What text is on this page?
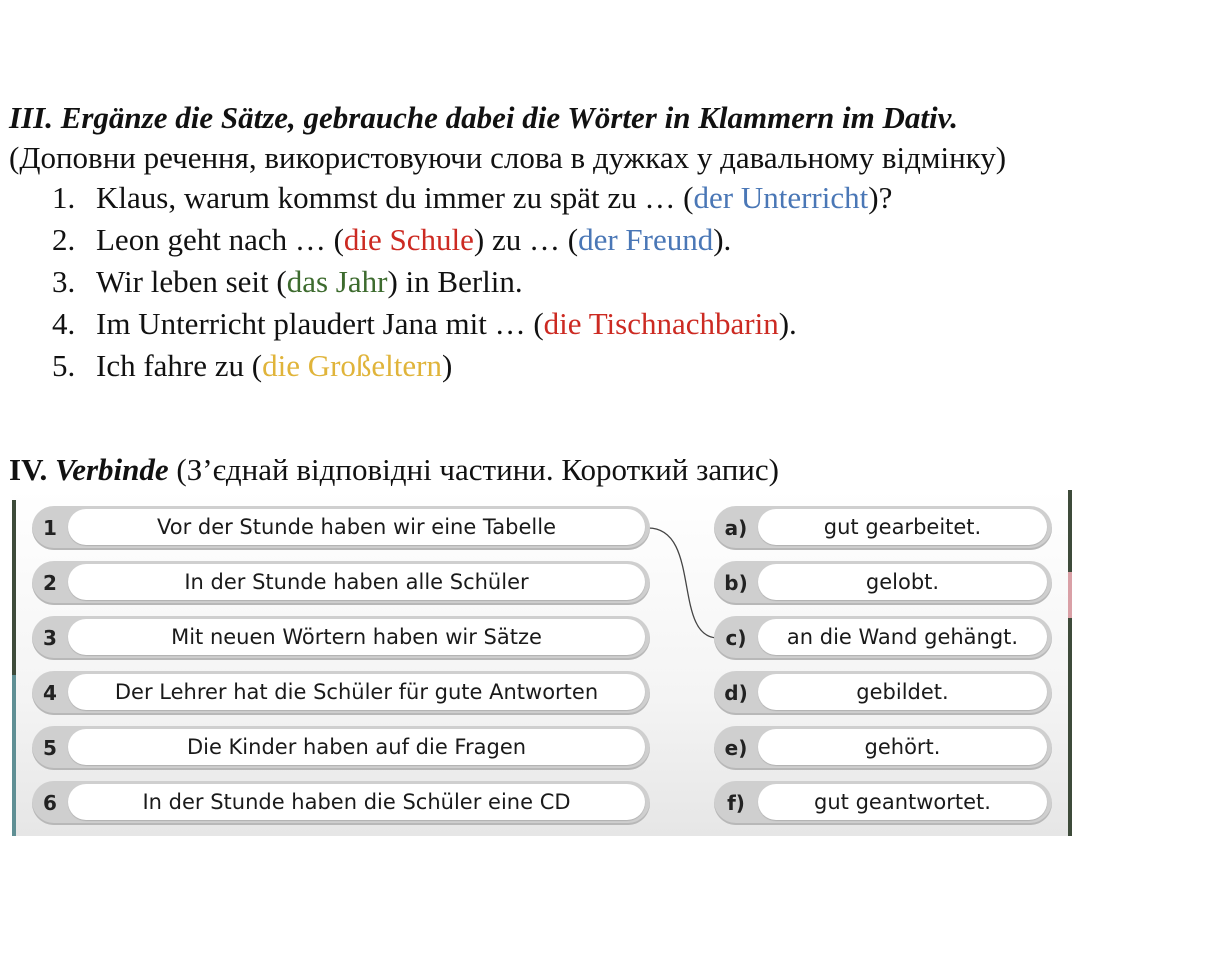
III. Ergänze die Sätze, gebrauche dabei die Wörter in Klammern im Dativ.
(Доповни речення, використовуючи слова в дужках у давальному відмінку)
1. Klaus, warum kommst du immer zu spät zu … (der Unterricht)?
2. Leon geht nach … (die Schule) zu … (der Freund).
3. Wir leben seit (das Jahr) in Berlin.
4. Im Unterricht plaudert Jana mit … (die Tischnachbarin).
5. Ich fahre zu (die Großeltern)
IV. Verbinde (З’єднай відповідні частини. Короткий запис)
1	Vor der Stunde haben wir eine Tabelle
2	In der Stunde haben alle Schüler
3	Mit neuen Wörtern haben wir Sätze
4	Der Lehrer hat die Schüler für gute Antworten
5	Die Kinder haben auf die Fragen
6	In der Stunde haben die Schüler eine CD
a)	gut gearbeitet.
b)	gelobt.
c)	an die Wand gehängt.
d)	gebildet.
e)	gehört.
f)	gut geantwortet.
